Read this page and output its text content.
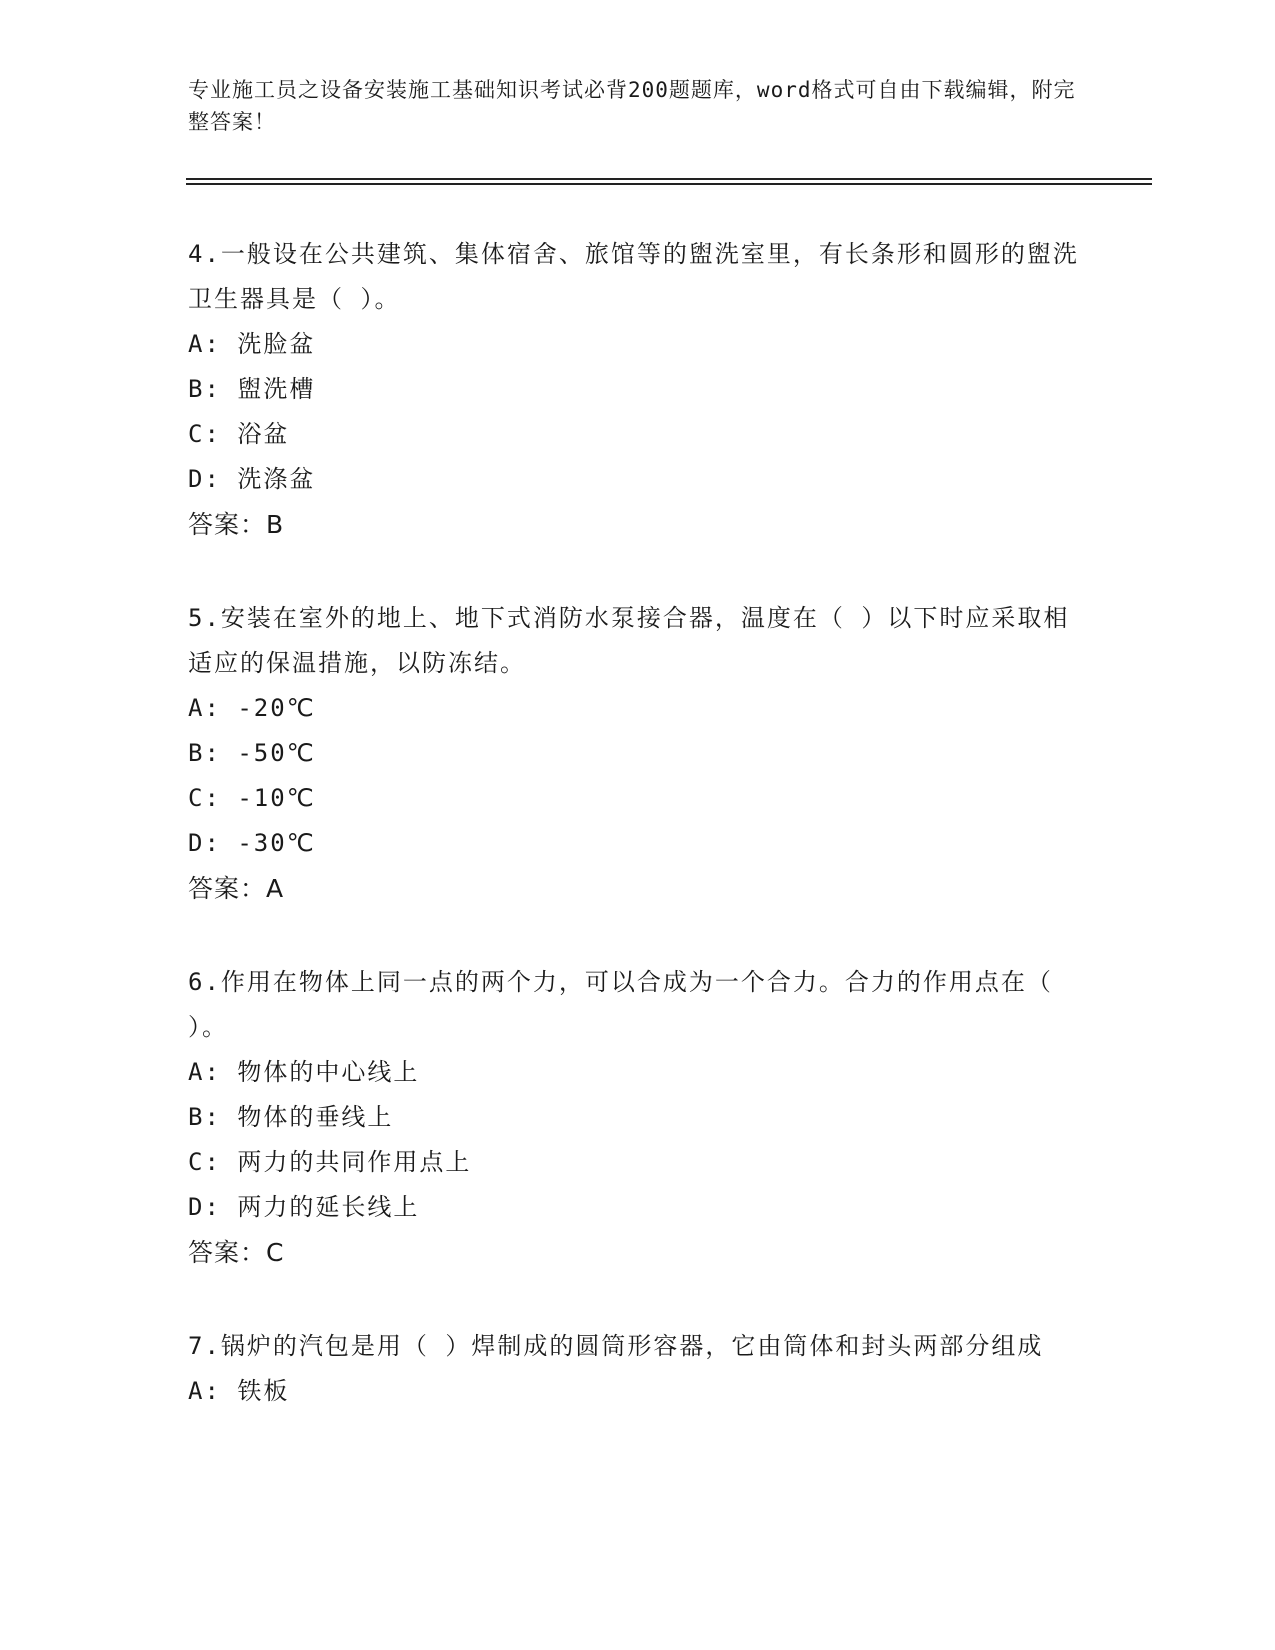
专业施工员之设备安装施工基础知识考试必背200题题库，word格式可自由下载编辑，附完整答案！
4.一般设在公共建筑、集体宿舍、旅馆等的盥洗室里，有长条形和圆形的盥洗卫生器具是（ ）。
A: 洗脸盆
B: 盥洗槽
C: 浴盆
D: 洗涤盆
答案：B
5.安装在室外的地上、地下式消防水泵接合器，温度在（ ）以下时应采取相适应的保温措施，以防冻结。
A: -20℃
B: -50℃
C: -10℃
D: -30℃
答案：A
6.作用在物体上同一点的两个力，可以合成为一个合力。合力的作用点在（ ）。
A: 物体的中心线上
B: 物体的垂线上
C: 两力的共同作用点上
D: 两力的延长线上
答案：C
7.锅炉的汽包是用（ ）焊制成的圆筒形容器，它由筒体和封头两部分组成
A: 铁板
